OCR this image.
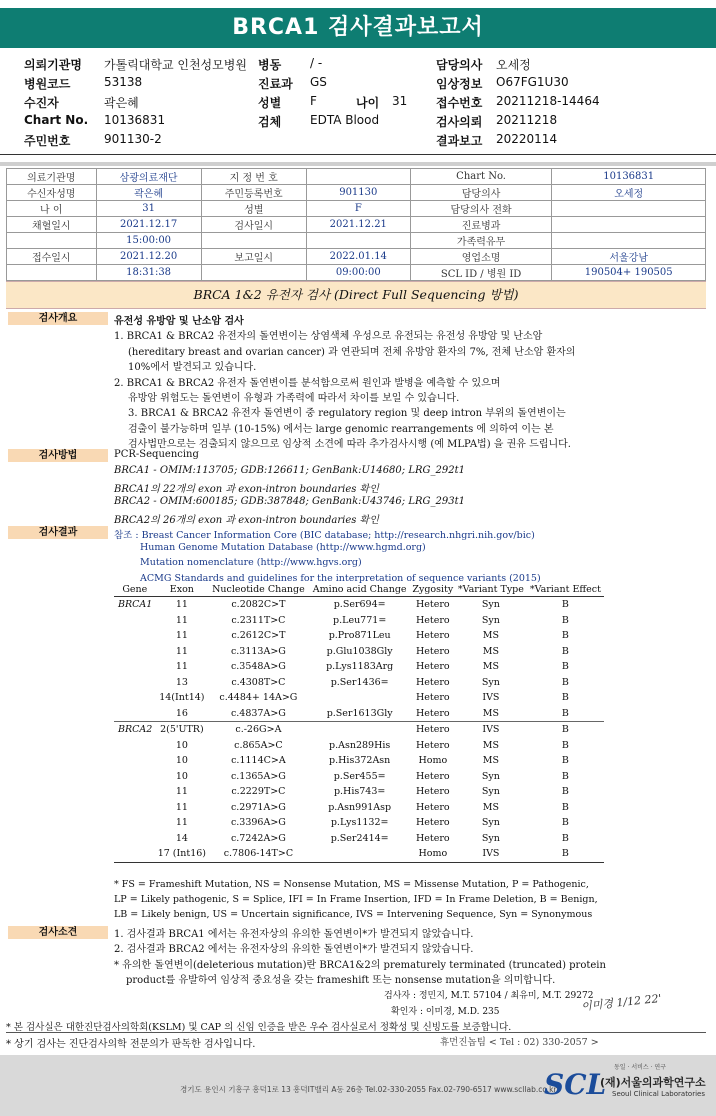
BRCA1 검사결과보고서
의뢰기관명 가톨릭대학교 인천성모병원 병동 / -	담당의사 오세정
병원코드	53138	진료과 GS	임상정보 O67FG1U30
수진자	곽은혜	성별 F	나이 31 접수번호 20211218-14464
Chart No. 10136831	검체 EDTA Blood	검사의뢰 20211218
주민번호	901130-2	결과보고 20220114
의료기관명	삼광의료재단	지 정 번 호		Chart No.	10136831
수신자성명	곽은혜	주민등록번호	901130	담당의사	오세정
나 이	31	성별	F	담당의사 전화	
채혈일시	2021.12.17	검사일시	2021.12.21	진료병과	
	15:00:00			가족력유무	
접수일시	2021.12.20	보고일시	2022.01.14	영업소명	서울강남
	18:31:38		09:00:00	SCL ID / 병원 ID	190504+ 190505
BRCA 1&2 유전자 검사 (Direct Full Sequencing 방법)
검사개요	유전성 유방암 및 난소암 검사
1. BRCA1 & BRCA2 유전자의 돌연변이는 상염색체 우성으로 유전되는 유전성 유방암 및 난소암
(hereditary breast and ovarian cancer) 과 연관되며 전체 유방암 환자의 7%, 전체 난소암 환자의
10%에서 발견되고 있습니다.
2. BRCA1 & BRCA2 유전자 돌연변이를 분석함으로써 원인과 발병을 예측할 수 있으며
유방암 위험도는 돌연변이 유형과 가족력에 따라서 차이를 보일 수 있습니다.
3. BRCA1 & BRCA2 유전자 돌연변이 중 regulatory region 및 deep intron 부위의 돌연변이는
검출이 불가능하며 일부 (10-15%) 에서는 large genomic rearrangements 에 의하여 이는 본
검사법만으로는 검출되지 않으므로 임상적 소견에 따라 추가검사시행 (예 MLPA법) 을 권유 드립니다.
검사방법	PCR-Sequencing
BRCA1 - OMIM:113705; GDB:126611; GenBank:U14680; LRG_292t1
BRCA1의 22개의 exon 과 exon-intron boundaries 확인
BRCA2 - OMIM:600185; GDB:387848; GenBank:U43746; LRG_293t1
BRCA2의 26개의 exon 과 exon-intron boundaries 확인
검사결과	참조 : Breast Cancer Information Core (BIC database; http://research.nhgri.nih.gov/bic)
Human Genome Mutation Database (http://www.hgmd.org)
Mutation nomenclature (http://www.hgvs.org)
ACMG Standards and guidelines for the interpretation of sequence variants (2015)
Gene	Exon	Nucleotide Change	Amino acid Change	Zygosity	*Variant Type	*Variant Effect
BRCA1	11	c.2082C>T	p.Ser694=	Hetero	Syn	B
	11	c.2311T>C	p.Leu771=	Hetero	Syn	B
	11	c.2612C>T	p.Pro871Leu	Hetero	MS	B
	11	c.3113A>G	p.Glu1038Gly	Hetero	MS	B
	11	c.3548A>G	p.Lys1183Arg	Hetero	MS	B
	13	c.4308T>C	p.Ser1436=	Hetero	Syn	B
	14(Int14)	c.4484+ 14A>G		Hetero	IVS	B
	16	c.4837A>G	p.Ser1613Gly	Hetero	MS	B
BRCA2	2(5'UTR)	c.-26G>A		Hetero	IVS	B
	10	c.865A>C	p.Asn289His	Hetero	MS	B
	10	c.1114C>A	p.His372Asn	Homo	MS	B
	10	c.1365A>G	p.Ser455=	Hetero	Syn	B
	11	c.2229T>C	p.His743=	Hetero	Syn	B
	11	c.2971A>G	p.Asn991Asp	Hetero	MS	B
	11	c.3396A>G	p.Lys1132=	Hetero	Syn	B
	14	c.7242A>G	p.Ser2414=	Hetero	Syn	B
	17 (Int16)	c.7806-14T>C		Homo	IVS	B
* FS = Frameshift Mutation, NS = Nonsense Mutation, MS = Missense Mutation, P = Pathogenic,
LP = Likely pathogenic, S = Splice, IFI = In Frame Insertion, IFD = In Frame Deletion, B = Benign,
LB = Likely benign, US = Uncertain significance, IVS = Intervening Sequence, Syn = Synonymous
검사소견	1. 검사결과 BRCA1 에서는 유전자상의 유의한 돌연변이*가 발견되지 않았습니다.
2. 검사결과 BRCA2 에서는 유전자상의 유의한 돌연변이*가 발견되지 않았습니다.
* 유의한 돌연변이(deleterious mutation)란 BRCA1&2의 prematurely terminated (truncated) protein
product를 유발하여 임상적 중요성을 갖는 frameshift 또는 nonsense mutation을 의미합니다.
검사자 : 정민지, M.T. 57104 / 최유미, M.T. 29272
확인자 : 이미경, M.D. 235	이미경 1/12 22'
* 본 검사실은 대한진단검사의학회(KSLM) 및 CAP 의 신임 인증을 받은 우수 검사실로서 정확성 및 신빙도를 보증합니다.
* 상기 검사는 진단검사의학 전문의가 판독한 검사입니다.	휴먼진놉팀 < Tel : 02) 330-2057 >
경기도 용인시 기흥구 흥덕1로 13 흥덕IT밸리 A동 26층 Tel.02-330-2055 Fax.02-790-6517 www.scllab.co.kr
SCL
동일 · 서비스 · 연구
(재)서울의과학연구소
Seoul Clinical Laboratories
